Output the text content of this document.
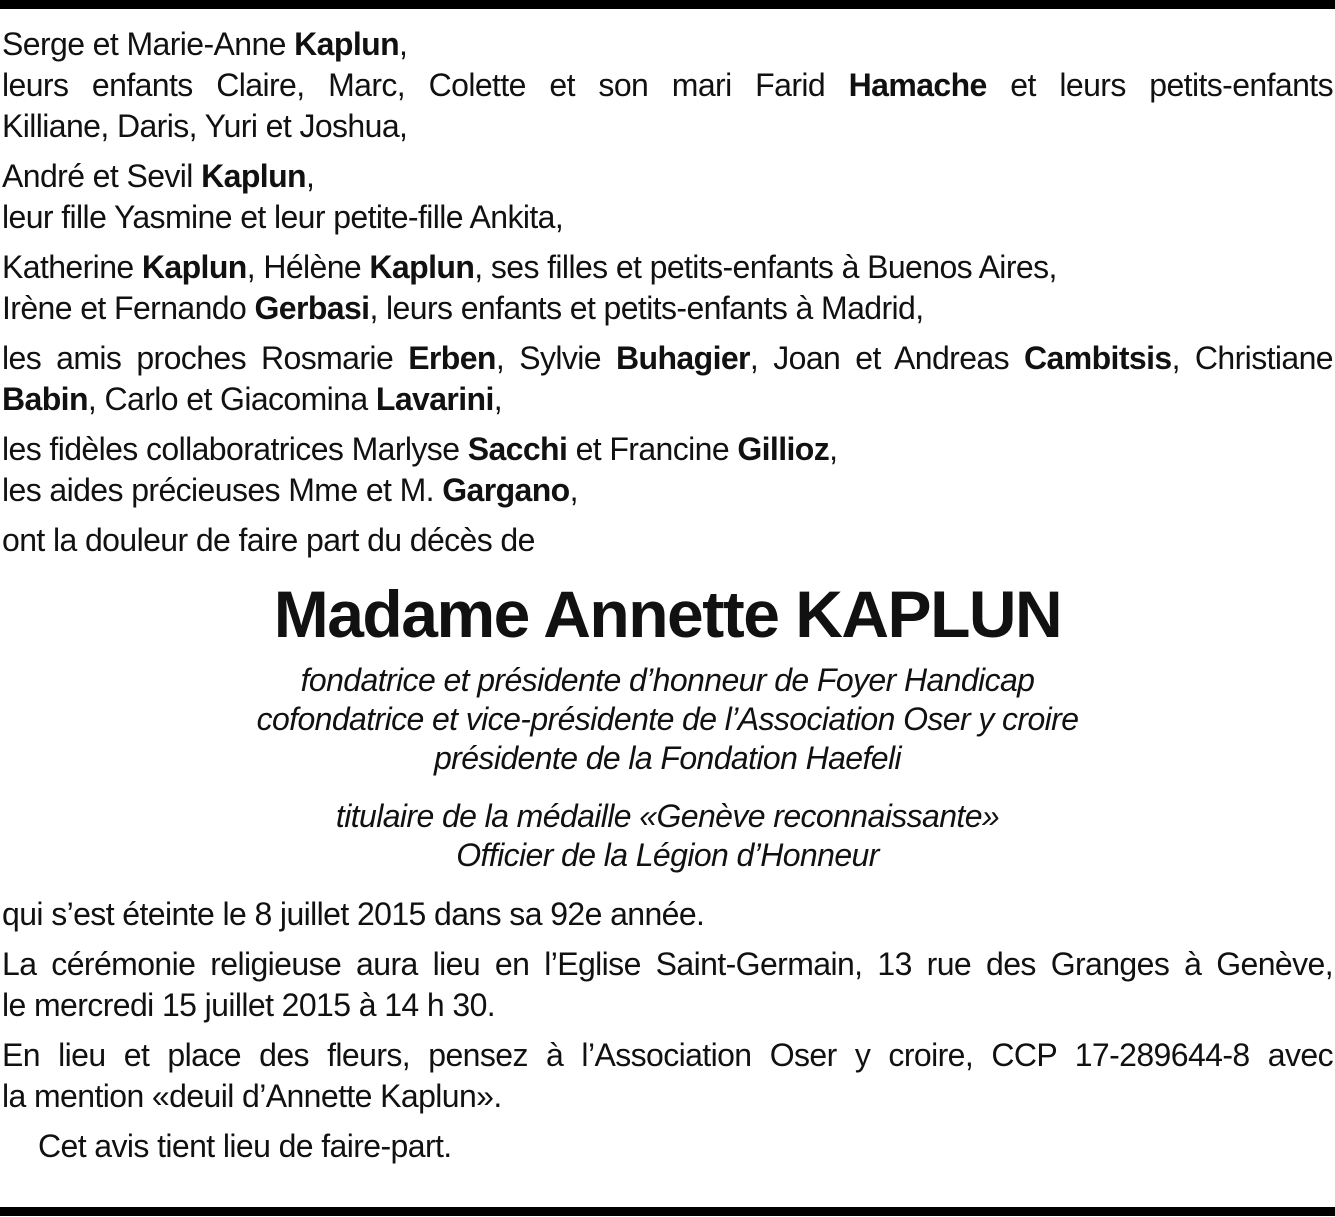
Serge et Marie-Anne Kaplun,
leurs enfants Claire, Marc, Colette et son mari Farid Hamache et leurs petits-enfants
Killiane, Daris, Yuri et Joshua,
André et Sevil Kaplun,
leur fille Yasmine et leur petite-fille Ankita,
Katherine Kaplun, Hélène Kaplun, ses filles et petits-enfants à Buenos Aires,
Irène et Fernando Gerbasi, leurs enfants et petits-enfants à Madrid,
les amis proches Rosmarie Erben, Sylvie Buhagier, Joan et Andreas Cambitsis, Christiane
Babin, Carlo et Giacomina Lavarini,
les fidèles collaboratrices Marlyse Sacchi et Francine Gillioz,
les aides précieuses Mme et M. Gargano,
ont la douleur de faire part du décès de
Madame Annette KAPLUN
fondatrice et présidente d’honneur de Foyer Handicap
cofondatrice et vice-présidente de l’Association Oser y croire
présidente de la Fondation Haefeli
titulaire de la médaille «Genève reconnaissante»
Officier de la Légion d’Honneur
qui s’est éteinte le 8 juillet 2015 dans sa 92e année.
La cérémonie religieuse aura lieu en l’Eglise Saint-Germain, 13 rue des Granges à Genève,
le mercredi 15 juillet 2015 à 14 h 30.
En lieu et place des fleurs, pensez à l’Association Oser y croire, CCP 17-289644-8 avec
la mention «deuil d’Annette Kaplun».
Cet avis tient lieu de faire-part.
